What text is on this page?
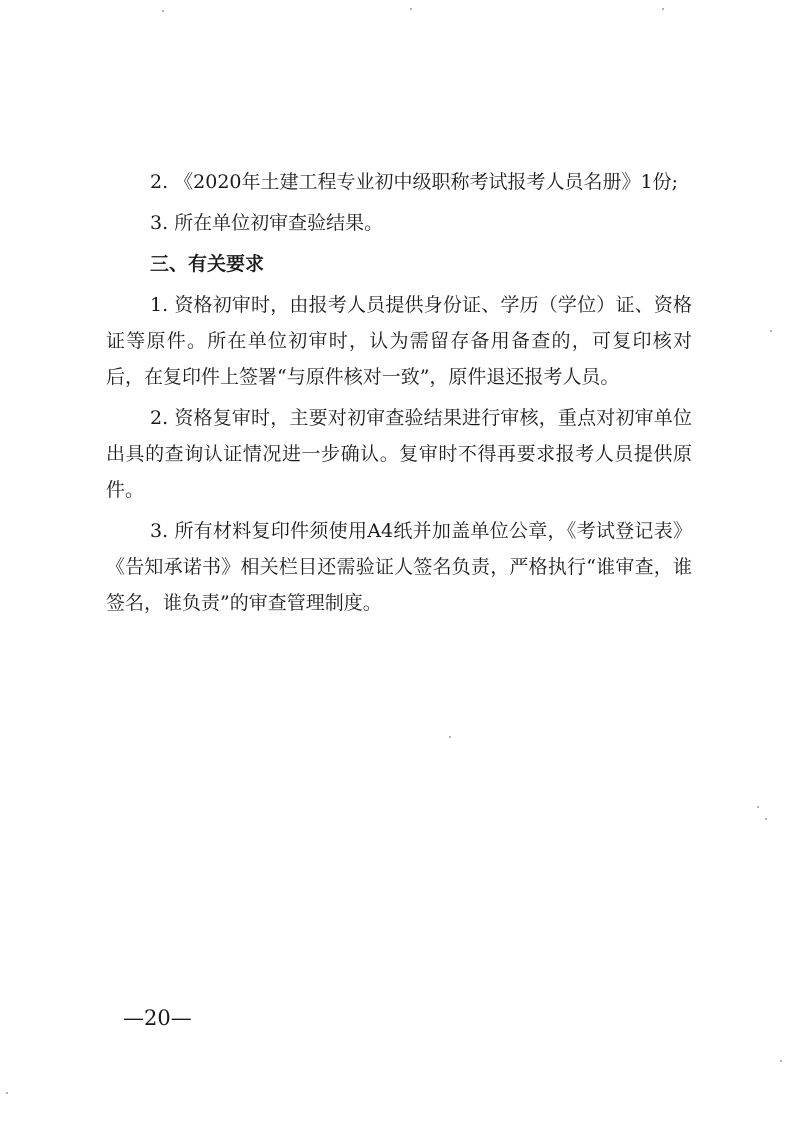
2. 《2020年土建工程专业初中级职称考试报考人员名册》1份;

3. 所在单位初审查验结果。

三、有关要求

1. 资格初审时，由报考人员提供身份证、学历（学位）证、资格证等原件。所在单位初审时，认为需留存备用备查的，可复印核对后，在复印件上签署“与原件核对一致”，原件退还报考人员。

2. 资格复审时，主要对初审查验结果进行审核，重点对初审单位出具的查询认证情况进一步确认。复审时不得再要求报考人员提供原件。

3. 所有材料复印件须使用A4纸并加盖单位公章，《考试登记表》《告知承诺书》相关栏目还需验证人签名负责，严格执行“谁审查，谁签名，谁负责”的审查管理制度。

—20—
